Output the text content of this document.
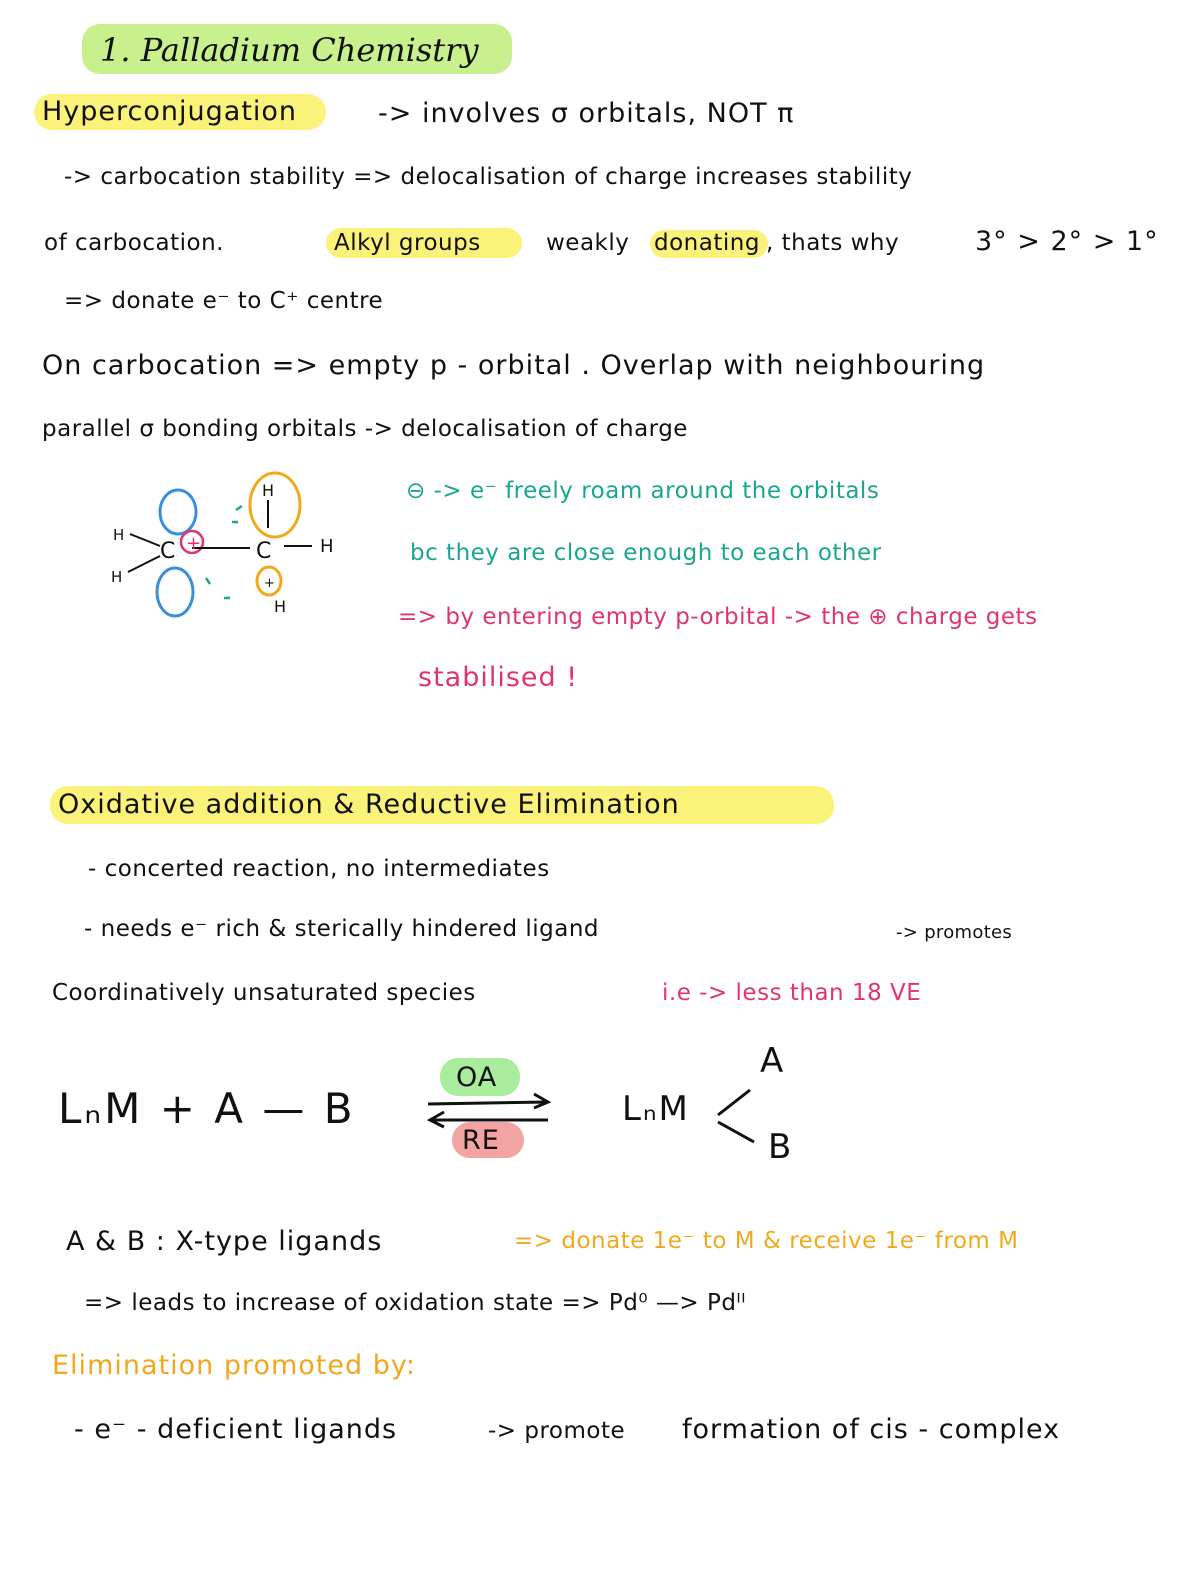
1. Palladium Chemistry
Hyperconjugation	-> involves σ orbitals, NOT π
-> carbocation stability => delocalisation of charge increases stability
of carbocation.	Alkyl groups	weakly donating , thats why	3° > 2° > 1°
=> donate e⁻ to C⁺ centre
On carbocation => empty p - orbital . Overlap with neighbouring
parallel σ bonding orbitals -> delocalisation of charge
H
H
C	C	H
H
H
+
+
⊖ -> e⁻ freely roam around the orbitals
bc they are close enough to each other
=> by entering empty p-orbital -> the ⊕ charge gets
stabilised !
Oxidative addition & Reductive Elimination
- concerted reaction, no intermediates
- needs e⁻ rich & sterically hindered ligand	-> promotes
Coordinatively unsaturated species	i.e -> less than 18 VE
LₙM + A — B
OA
RE
LₙM
A
B
A & B : X-type ligands	=> donate 1e⁻ to M & receive 1e⁻ from M
=> leads to increase of oxidation state => Pd⁰ —> Pdᴵᴵ
Elimination promoted by:
- e⁻ - deficient ligands	-> promote formation of cis - complex
